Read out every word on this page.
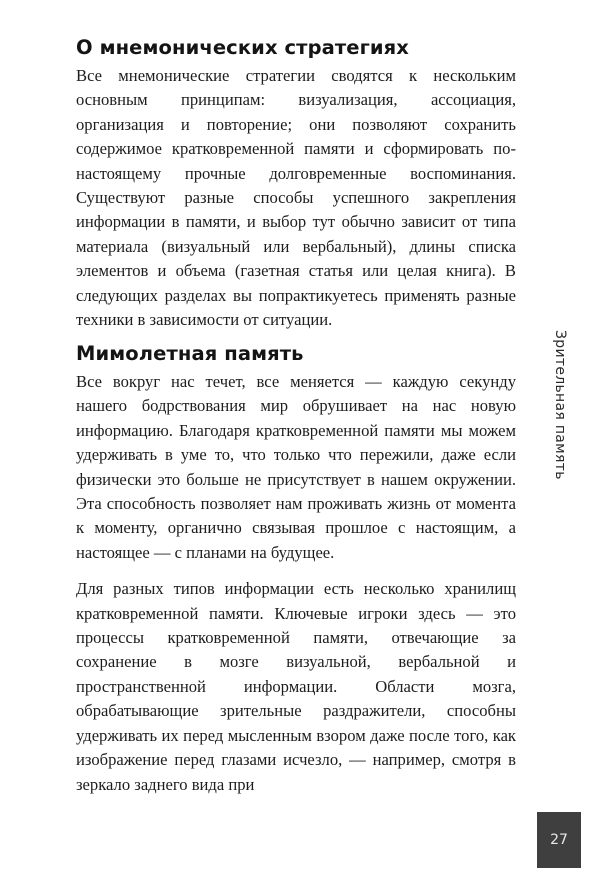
О мнемонических стратегиях

Все мнемонические стратегии сводятся к нескольким основным принципам: визуализация, ассоциация, организация и повторение; они позволяют сохранить содержимое кратковременной памяти и сформировать по-настоящему прочные долговременные воспоминания. Существуют разные способы успешного закрепления информации в памяти, и выбор тут обычно зависит от типа материала (визуальный или вербальный), длины списка элементов и объема (газетная статья или целая книга). В следующих разделах вы попрактикуетесь применять разные техники в зависимости от ситуации.

Мимолетная память

Все вокруг нас течет, все меняется — каждую секунду нашего бодрствования мир обрушивает на нас новую информацию. Благодаря кратковременной памяти мы можем удерживать в уме то, что только что пережили, даже если физически это больше не присутствует в нашем окружении. Эта способность позволяет нам проживать жизнь от момента к моменту, органично связывая прошлое с настоящим, а настоящее — с планами на будущее.

Для разных типов информации есть несколько хранилищ кратковременной памяти. Ключевые игроки здесь — это процессы кратковременной памяти, отвечающие за сохранение в мозге визуальной, вербальной и пространственной информации. Области мозга, обрабатывающие зрительные раздражители, способны удерживать их перед мысленным взором даже после того, как изображение перед глазами исчезло, — например, смотря в зеркало заднего вида при

Зрительная память
27
